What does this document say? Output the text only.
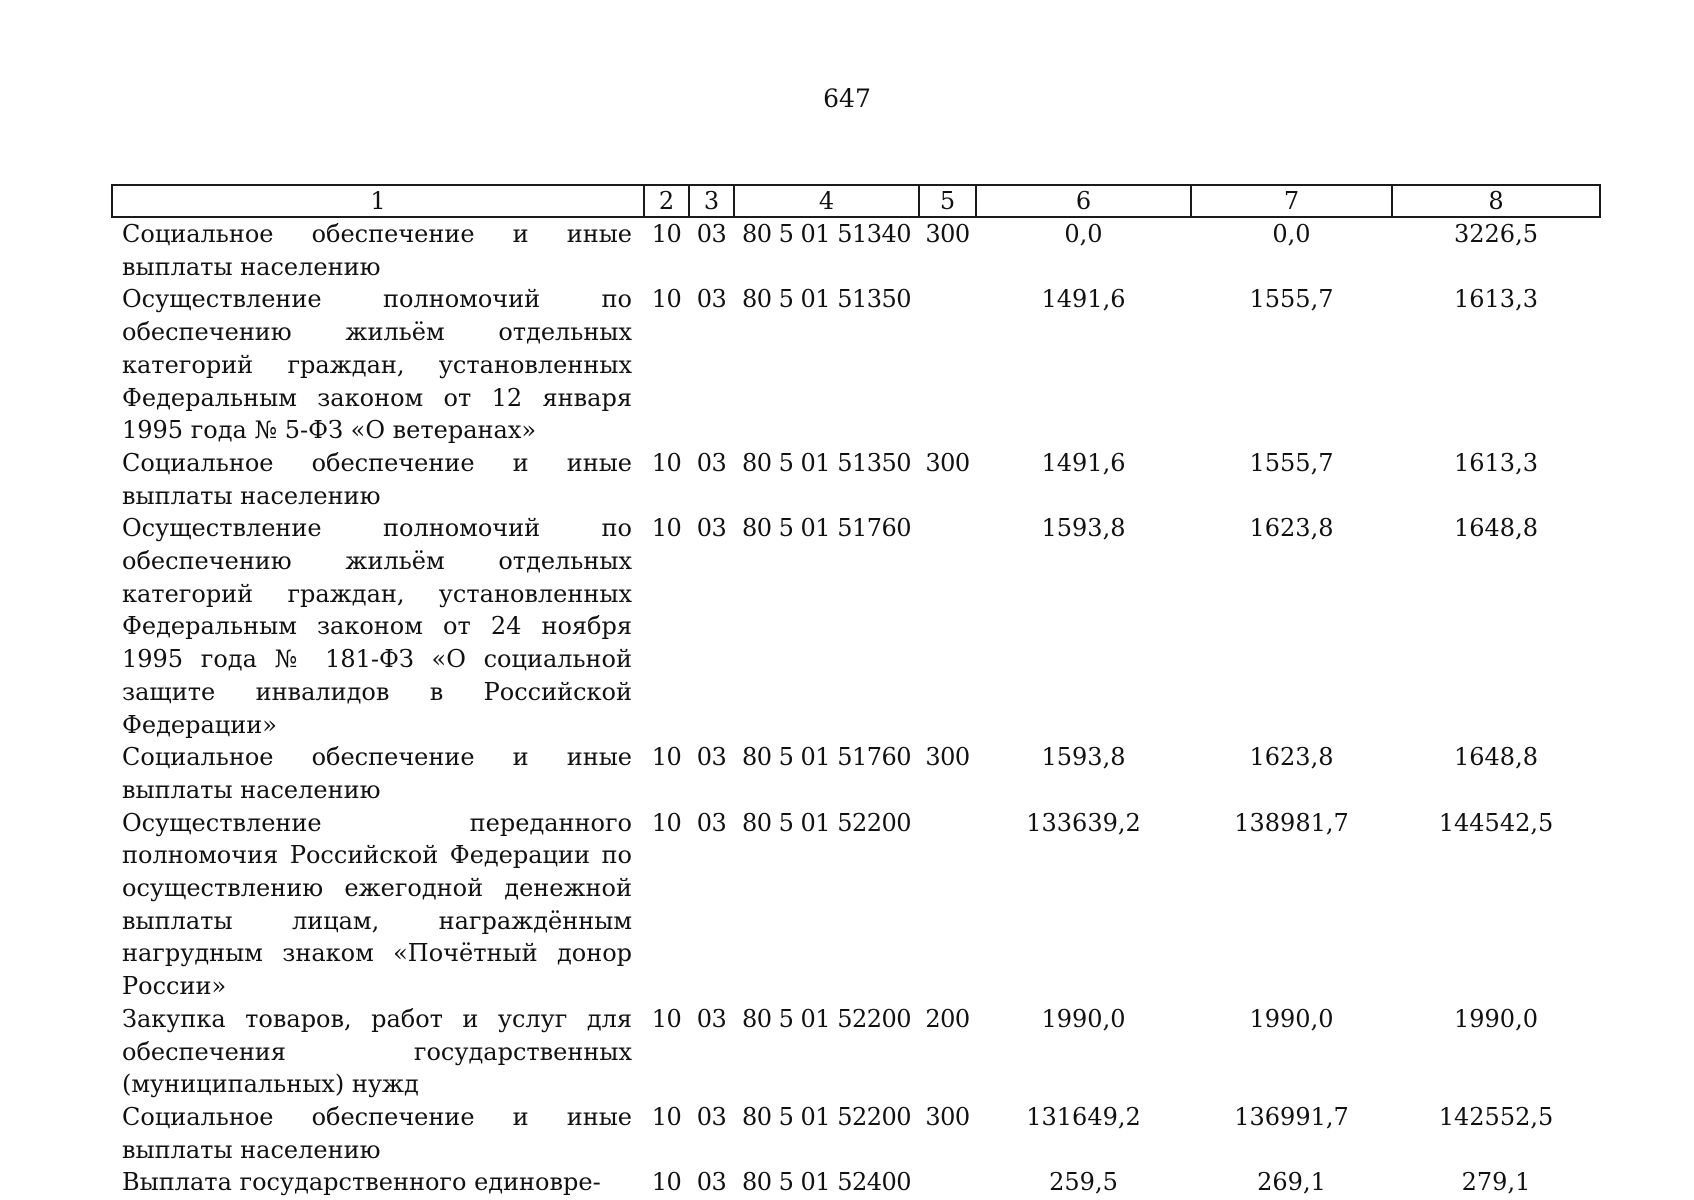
647
1	2	3	4	5	6	7	8
Социальное обеспечение и иные выплаты населению	10	03	80 5 01 51340	300	0,0	0,0	3226,5
Осуществление полномочий по обеспечению жильём отдельных категорий граждан, установленных Федеральным законом от 12 января 1995 года № 5-ФЗ «О ветеранах»	10	03	80 5 01 51350		1491,6	1555,7	1613,3
Социальное обеспечение и иные выплаты населению	10	03	80 5 01 51350	300	1491,6	1555,7	1613,3
Осуществление полномочий по обеспечению жильём отдельных категорий граждан, установленных Федеральным законом от 24 ноября 1995 года № 181-ФЗ «О социальной защите инвалидов в Российской Федерации»	10	03	80 5 01 51760		1593,8	1623,8	1648,8
Социальное обеспечение и иные выплаты населению	10	03	80 5 01 51760	300	1593,8	1623,8	1648,8
Осуществление переданного полномочия Российской Федерации по осуществлению ежегодной денежной выплаты лицам, награждённым нагрудным знаком «Почётный донор России»	10	03	80 5 01 52200		133639,2	138981,7	144542,5
Закупка товаров, работ и услуг для обеспечения государственных (муниципальных) нужд	10	03	80 5 01 52200	200	1990,0	1990,0	1990,0
Социальное обеспечение и иные выплаты населению	10	03	80 5 01 52200	300	131649,2	136991,7	142552,5
Выплата государственного единовре-	10	03	80 5 01 52400		259,5	269,1	279,1
